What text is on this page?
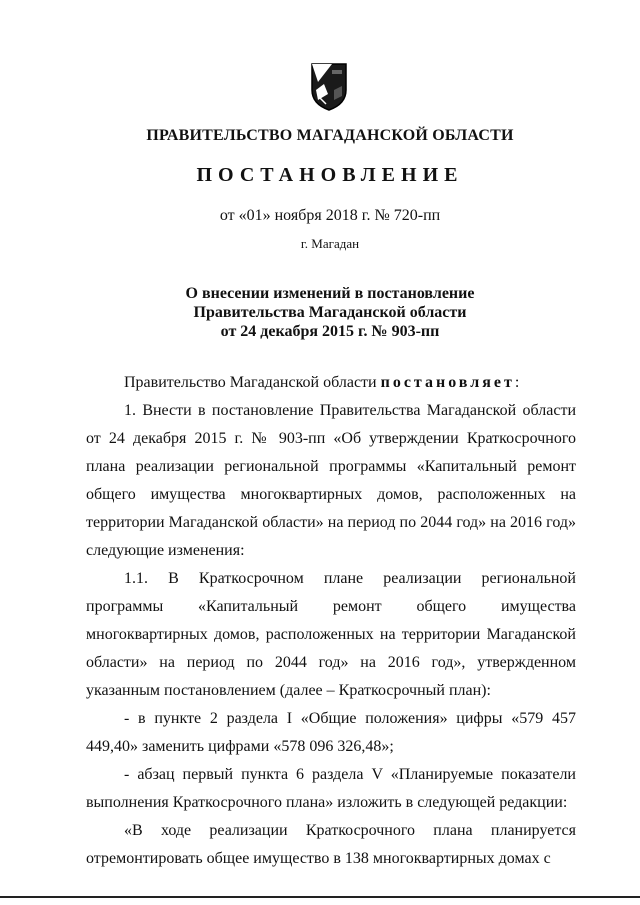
ПРАВИТЕЛЬСТВО МАГАДАНСКОЙ ОБЛАСТИ
ПОСТАНОВЛЕНИЕ
от «01» ноября 2018 г. № 720-пп
г. Магадан
О внесении изменений в постановление
Правительства Магаданской области
от 24 декабря 2015 г. № 903-пп

Правительство Магаданской области постановляет:

1. Внести в постановление Правительства Магаданской области от 24 декабря 2015 г. № 903-пп «Об утверждении Краткосрочного плана реализации региональной программы «Капитальный ремонт общего имущества многоквартирных домов, расположенных на территории Магаданской области» на период по 2044 год» на 2016 год» следующие изменения:

1.1. В Краткосрочном плане реализации региональной программы «Капитальный ремонт общего имущества многоквартирных домов, расположенных на территории Магаданской области» на период по 2044 год» на 2016 год», утвержденном указанным постановлением (далее – Краткосрочный план):

- в пункте 2 раздела I «Общие положения» цифры «579 457 449,40» заменить цифрами «578 096 326,48»;

- абзац первый пункта 6 раздела V «Планируемые показатели выполнения Краткосрочного плана» изложить в следующей редакции:

«В ходе реализации Краткосрочного плана планируется отремонтировать общее имущество в 138 многоквартирных домах с
